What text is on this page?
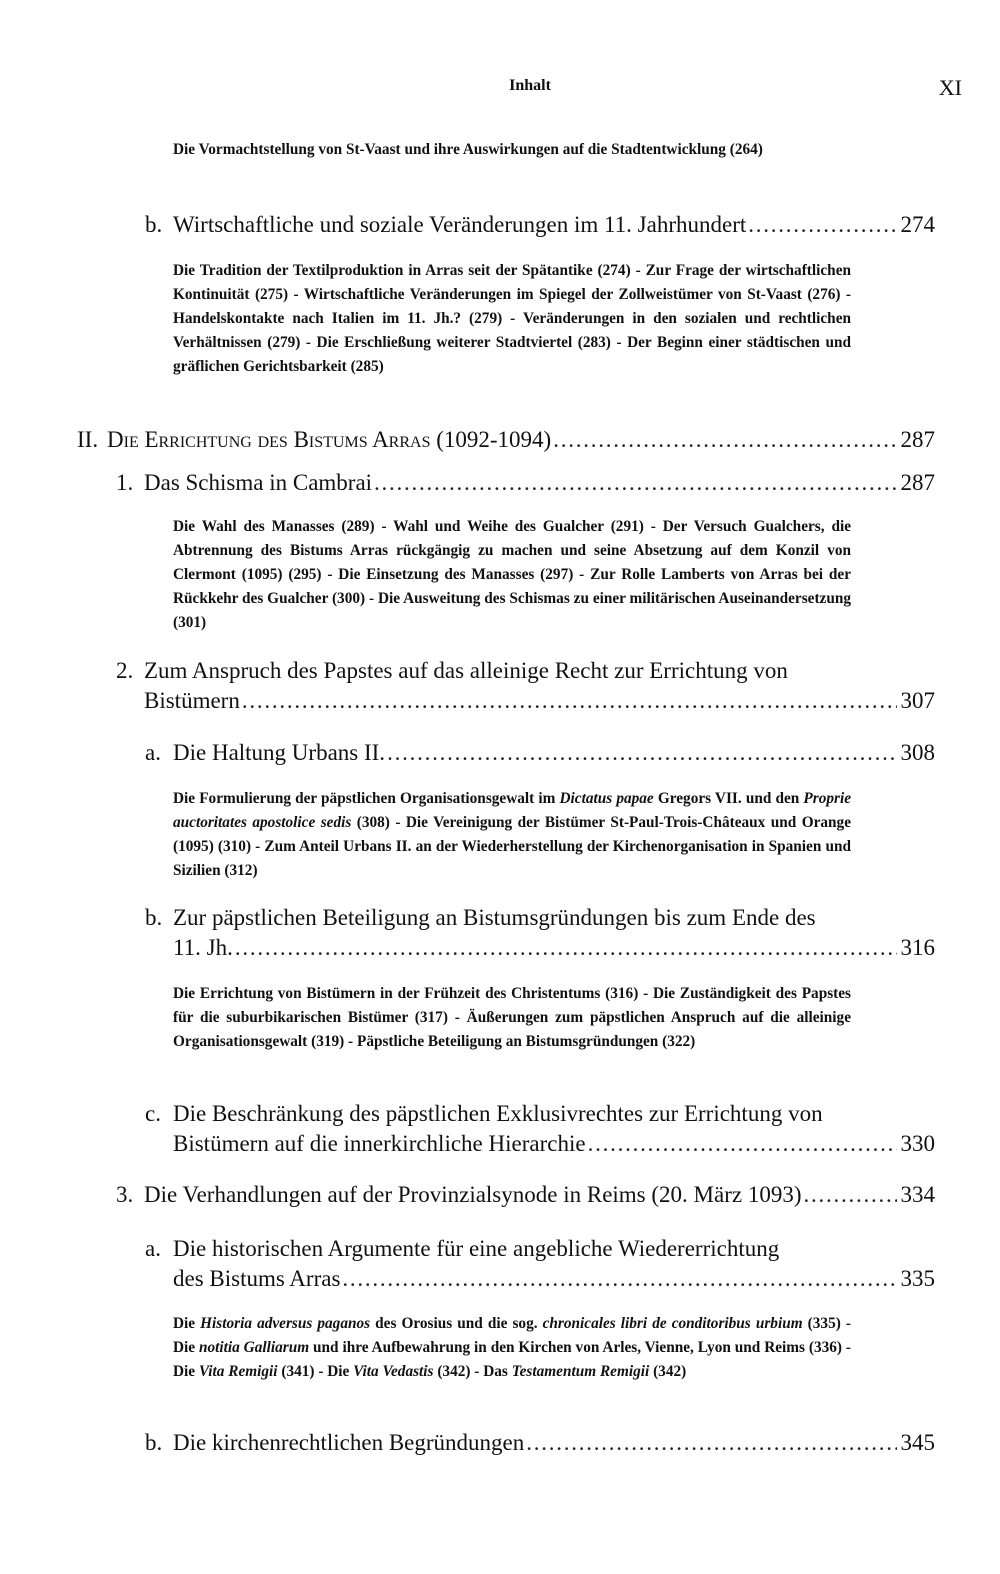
Inhalt	XI
Die Vormachtstellung von St-Vaast und ihre Auswirkungen auf die Stadtentwicklung (264)
b. Wirtschaftliche und soziale Veränderungen im 11. Jahrhundert . . .	274
Die Tradition der Textilproduktion in Arras seit der Spätantike (274) - Zur Frage der wirtschaftlichen Kontinuität (275) - Wirtschaftliche Veränderungen im Spiegel der Zollweistümer von St-Vaast (276) - Handelskontakte nach Italien im 11. Jh.? (279) - Veränderungen in den sozialen und rechtlichen Verhältnissen (279) - Die Erschließung weiterer Stadtviertel (283) - Der Beginn einer städtischen und gräflichen Gerichtsbarkeit (285)
II. Die Errichtung des Bistums Arras
(1092-1094) . . .	287
1. Das Schisma in Cambrai . . .	287
Die Wahl des Manasses (289) - Wahl und Weihe des Gualcher (291) - Der Versuch Gualchers, die Abtrennung des Bistums Arras rückgängig zu machen und seine Absetzung auf dem Konzil von Clermont (1095) (295) - Die Einsetzung des Manasses (297) - Zur Rolle Lamberts von Arras bei der Rückkehr des Gualcher (300) - Die Ausweitung des Schismas zu einer militärischen Auseinandersetzung (301)
2. Zum Anspruch des Papstes auf das alleinige Recht zur Errichtung von
Bistümern . . .	307
a. Die Haltung Urbans II. . . .	308
Die Formulierung der päpstlichen Organisationsgewalt im Dictatus papae Gregors VII. und den Proprie auctoritates apostolice sedis (308) - Die Vereinigung der Bistümer St-Paul-Trois-Châteaux und Orange (1095) (310) - Zum Anteil Urbans II. an der Wiederherstellung der Kirchenorganisation in Spanien und Sizilien (312)
b. Zur päpstlichen Beteiligung an Bistumsgründungen bis zum Ende des
11. Jh. . . .	316
Die Errichtung von Bistümern in der Frühzeit des Christentums (316) - Die Zuständigkeit des Papstes für die suburbikarischen Bistümer (317) - Äußerungen zum päpstlichen Anspruch auf die alleinige Organisationsgewalt (319) - Päpstliche Beteiligung an Bistumsgründungen (322)
c. Die Beschränkung des päpstlichen Exklusivrechtes zur Errichtung von
Bistümern auf die innerkirchliche Hierarchie . . .	330
3. Die Verhandlungen auf der Provinzialsynode in Reims (20. März 1093) . . .	334
a. Die historischen Argumente für eine angebliche Wiedererrichtung
des Bistums Arras . . .	335
Die Historia adversus paganos des Orosius und die sog. chronicales libri de conditoribus urbium (335) - Die notitia Galliarum und ihre Aufbewahrung in den Kirchen von Arles, Vienne, Lyon und Reims (336) - Die Vita Remigii (341) - Die Vita Vedastis (342) - Das Testamentum Remigii (342)
b. Die kirchenrechtlichen Begründungen . . .	345
